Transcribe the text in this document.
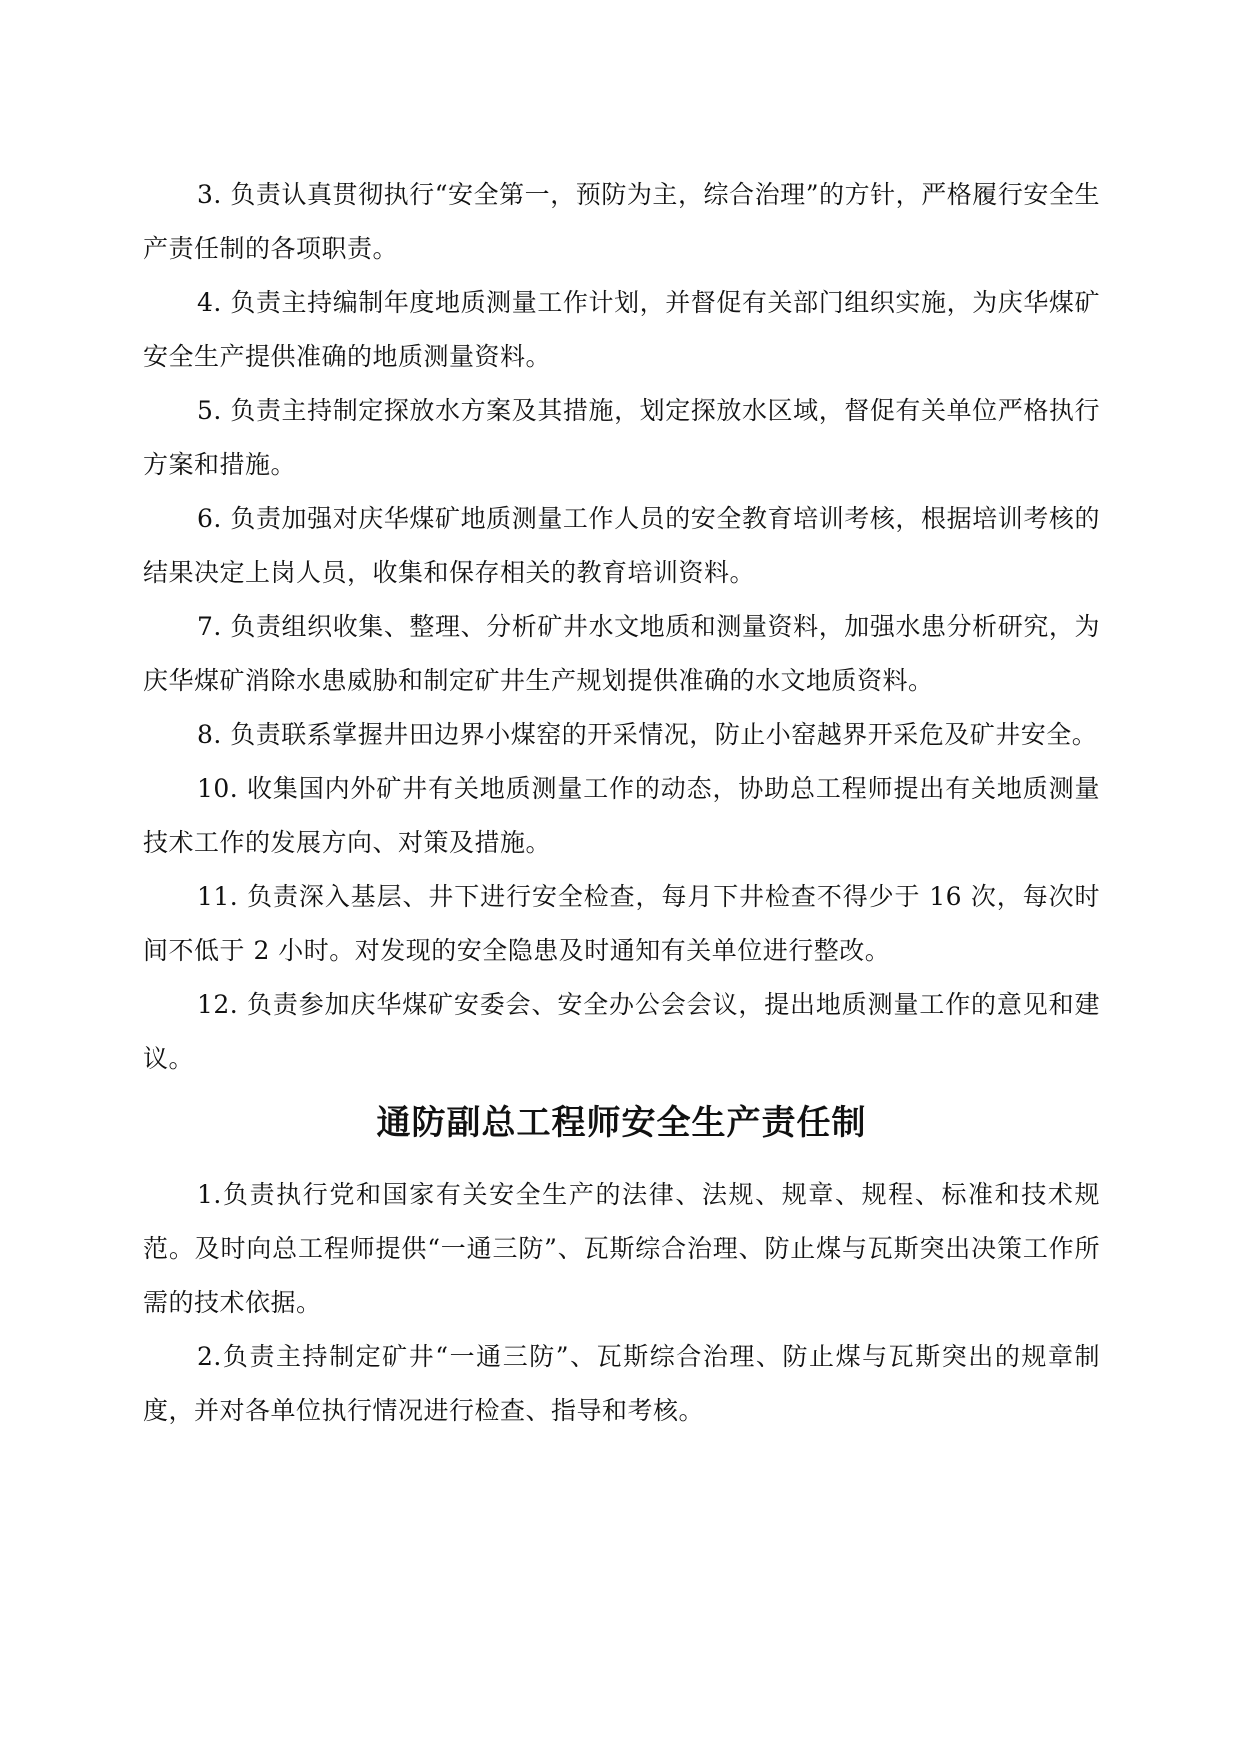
3. 负责认真贯彻执行“安全第一，预防为主，综合治理”的方针，严格履行安全生产责任制的各项职责。

4. 负责主持编制年度地质测量工作计划，并督促有关部门组织实施，为庆华煤矿安全生产提供准确的地质测量资料。

5. 负责主持制定探放水方案及其措施，划定探放水区域，督促有关单位严格执行方案和措施。

6. 负责加强对庆华煤矿地质测量工作人员的安全教育培训考核，根据培训考核的结果决定上岗人员，收集和保存相关的教育培训资料。

7. 负责组织收集、整理、分析矿井水文地质和测量资料，加强水患分析研究，为庆华煤矿消除水患威胁和制定矿井生产规划提供准确的水文地质资料。

8. 负责联系掌握井田边界小煤窑的开采情况，防止小窑越界开采危及矿井安全。

10. 收集国内外矿井有关地质测量工作的动态，协助总工程师提出有关地质测量技术工作的发展方向、对策及措施。

11. 负责深入基层、井下进行安全检查，每月下井检查不得少于 16 次，每次时间不低于 2 小时。对发现的安全隐患及时通知有关单位进行整改。

12. 负责参加庆华煤矿安委会、安全办公会会议，提出地质测量工作的意见和建议。

通防副总工程师安全生产责任制

1.负责执行党和国家有关安全生产的法律、法规、规章、规程、标准和技术规范。及时向总工程师提供“一通三防”、瓦斯综合治理、防止煤与瓦斯突出决策工作所需的技术依据。

2.负责主持制定矿井“一通三防”、瓦斯综合治理、防止煤与瓦斯突出的规章制度，并对各单位执行情况进行检查、指导和考核。
